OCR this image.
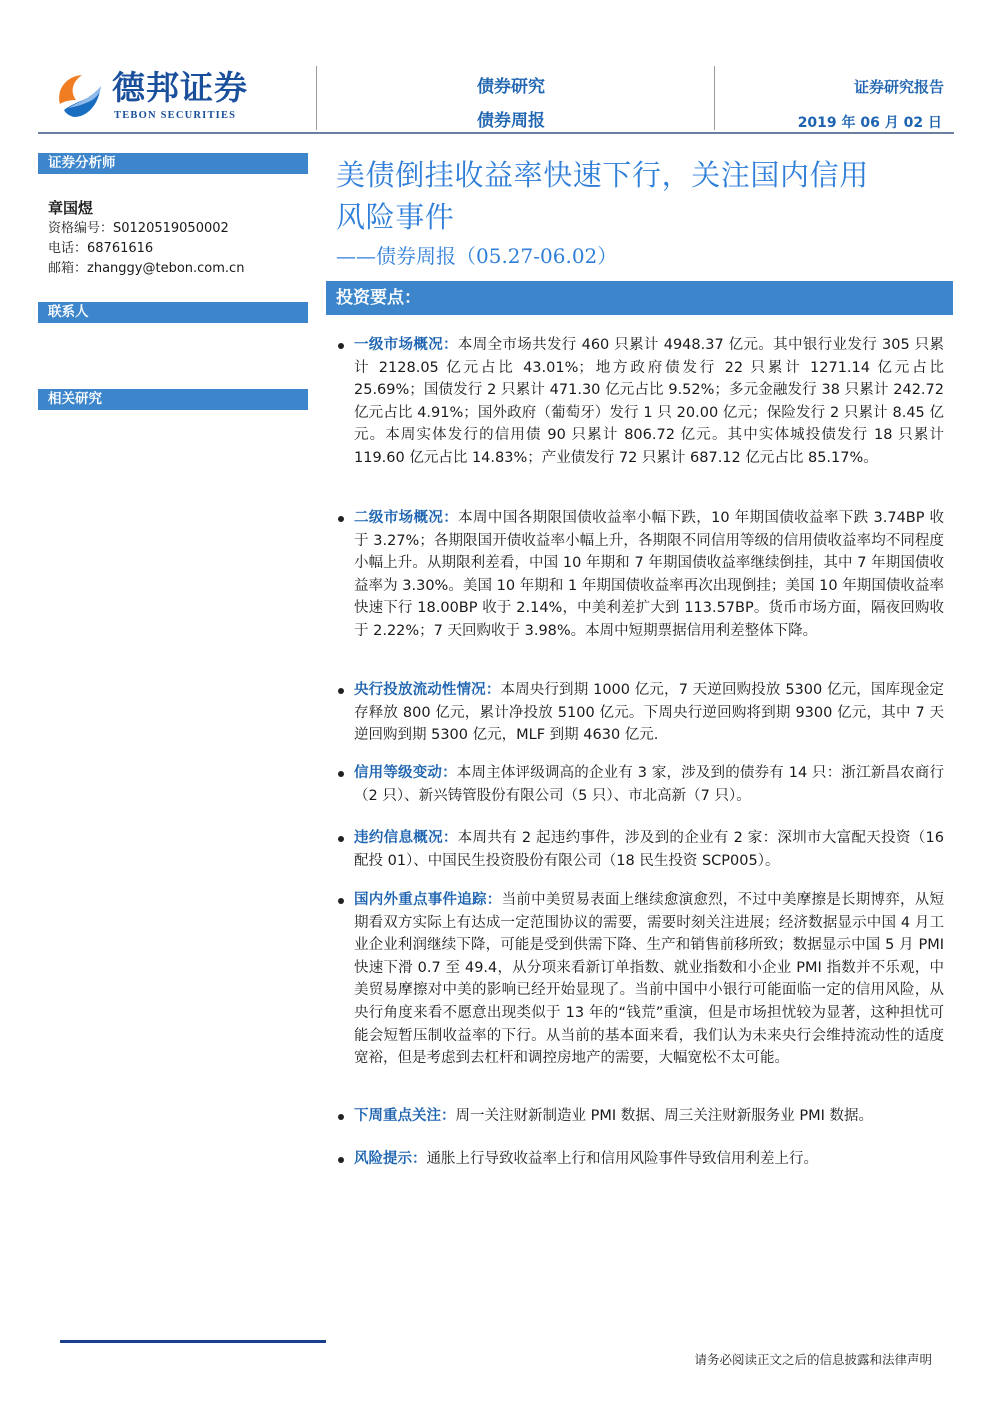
德邦证券
TEBON SECURITIES
债券研究
债券周报
证券研究报告
2019 年 06 月 02 日
证券分析师
章国煜
资格编号：S0120519050002
电话：68761616
邮箱：zhanggy@tebon.com.cn
联系人
相关研究
美债倒挂收益率快速下行，关注国内信用
风险事件
——债券周报（05.27-06.02）
投资要点：
一级市场概况：本周全市场共发行 460 只累计 4948.37 亿元。其中银行业发行 305 只累计 2128.05 亿元占比 43.01%；地方政府债发行 22 只累计 1271.14 亿元占比 25.69%；国债发行 2 只累计 471.30 亿元占比 9.52%；多元金融发行 38 只累计 242.72 亿元占比 4.91%；国外政府（葡萄牙）发行 1 只 20.00 亿元；保险发行 2 只累计 8.45 亿元。本周实体发行的信用债 90 只累计 806.72 亿元。其中实体城投债发行 18 只累计 119.60 亿元占比 14.83%；产业债发行 72 只累计 687.12 亿元占比 85.17%。
二级市场概况：本周中国各期限国债收益率小幅下跌，10 年期国债收益率下跌 3.74BP 收于 3.27%；各期限国开债收益率小幅上升，各期限不同信用等级的信用债收益率均不同程度小幅上升。从期限利差看，中国 10 年期和 7 年期国债收益率继续倒挂，其中 7 年期国债收益率为 3.30%。美国 10 年期和 1 年期国债收益率再次出现倒挂；美国 10 年期国债收益率快速下行 18.00BP 收于 2.14%，中美利差扩大到 113.57BP。货币市场方面，隔夜回购收于 2.22%；7 天回购收于 3.98%。本周中短期票据信用利差整体下降。
央行投放流动性情况：本周央行到期 1000 亿元，7 天逆回购投放 5300 亿元，国库现金定存释放 800 亿元，累计净投放 5100 亿元。下周央行逆回购将到期 9300 亿元，其中 7 天逆回购到期 5300 亿元，MLF 到期 4630 亿元.
信用等级变动：本周主体评级调高的企业有 3 家，涉及到的债券有 14 只：浙江新昌农商行（2 只）、新兴铸管股份有限公司（5 只）、市北高新（7 只）。
违约信息概况：本周共有 2 起违约事件，涉及到的企业有 2 家：深圳市大富配天投资（16 配投 01）、中国民生投资股份有限公司（18 民生投资 SCP005）。
国内外重点事件追踪：当前中美贸易表面上继续愈演愈烈，不过中美摩擦是长期博弈，从短期看双方实际上有达成一定范围协议的需要，需要时刻关注进展；经济数据显示中国 4 月工业企业利润继续下降，可能是受到供需下降、生产和销售前移所致；数据显示中国 5 月 PMI 快速下滑 0.7 至 49.4，从分项来看新订单指数、就业指数和小企业 PMI 指数并不乐观，中美贸易摩擦对中美的影响已经开始显现了。当前中国中小银行可能面临一定的信用风险，从央行角度来看不愿意出现类似于 13 年的“钱荒”重演，但是市场担忧较为显著，这种担忧可能会短暂压制收益率的下行。从当前的基本面来看，我们认为未来央行会维持流动性的适度宽裕，但是考虑到去杠杆和调控房地产的需要，大幅宽松不太可能。
下周重点关注：周一关注财新制造业 PMI 数据、周三关注财新服务业 PMI 数据。
风险提示：通胀上行导致收益率上行和信用风险事件导致信用利差上行。
请务必阅读正文之后的信息披露和法律声明
